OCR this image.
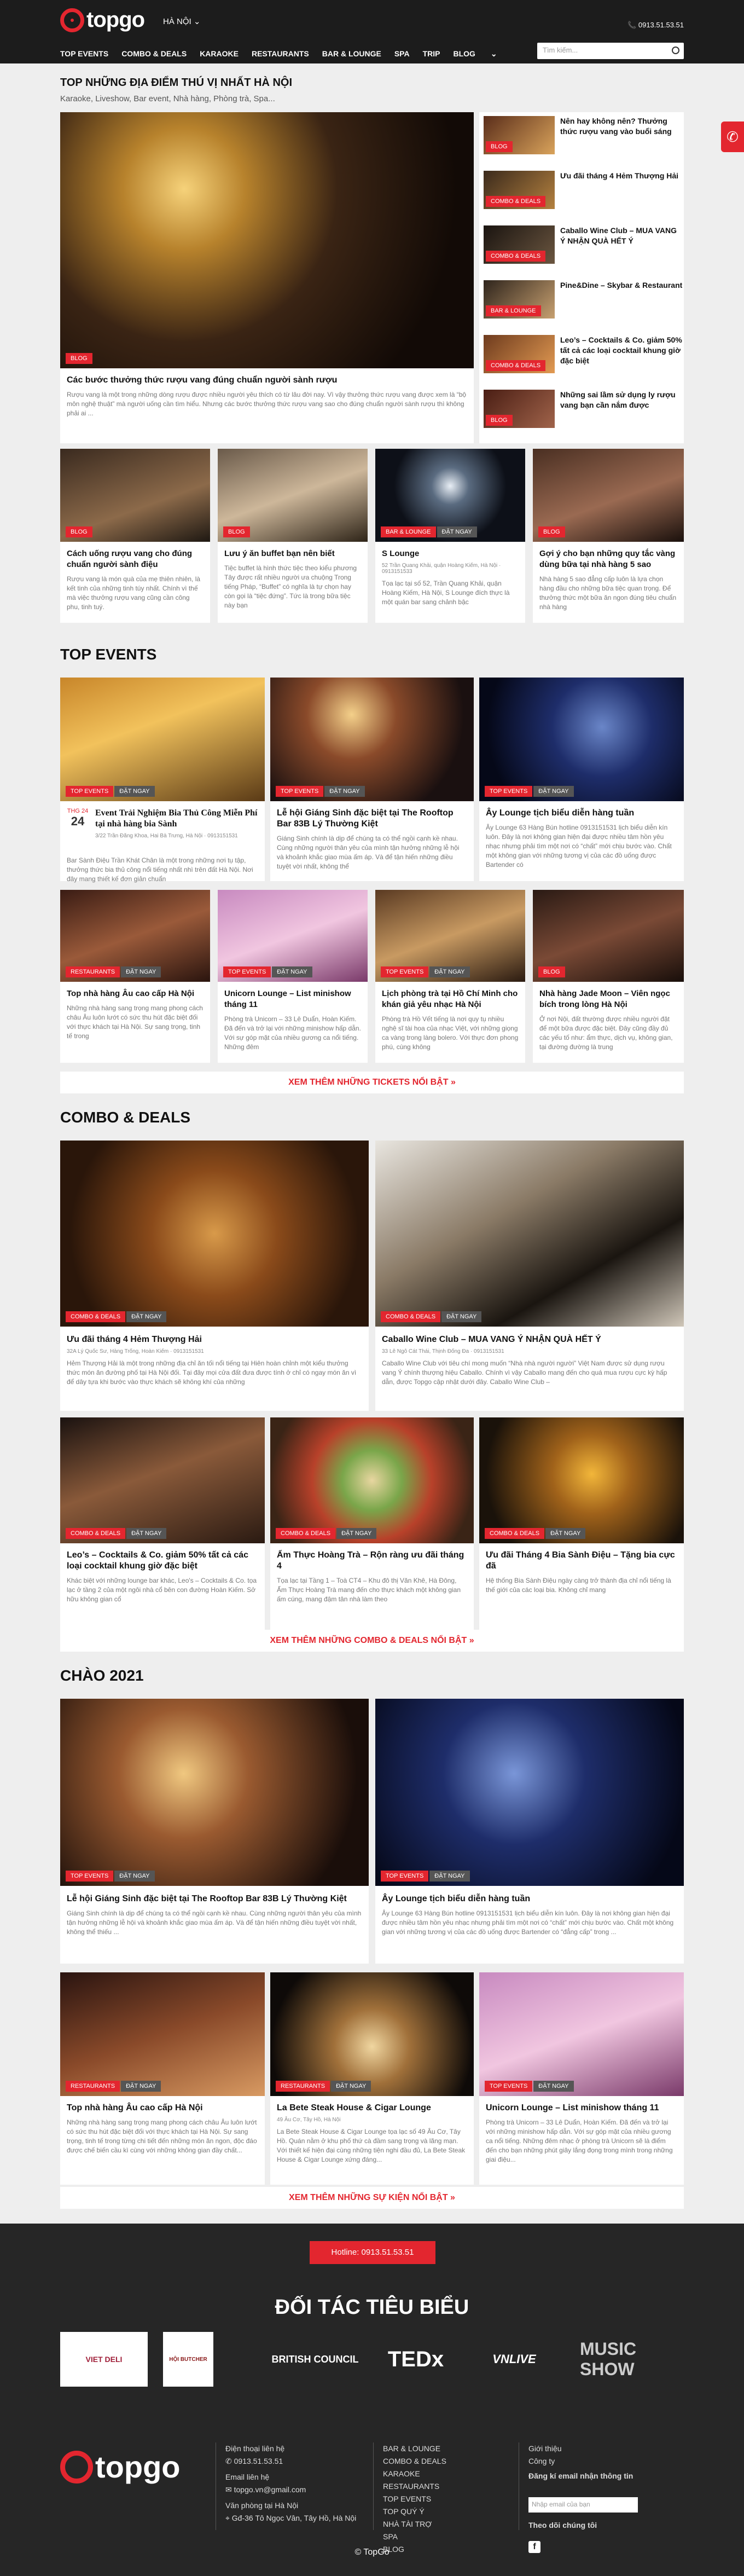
topgo HÀ NỘI ⌄	📞 0913.51.53.51
TOP EVENTS COMBO & DEALS KARAOKE RESTAURANTS BAR & LOUNGE SPA TRIP BLOG ⌄	Tìm kiếm...
✆
TOP NHỮNG ĐỊA ĐIỂM THÚ VỊ NHẤT HÀ NỘI
Karaoke, Liveshow, Bar event, Nhà hàng, Phòng trà, Spa...
BLOG
Các bước thưởng thức rượu vang đúng chuẩn người sành rượu
Rượu vang là một trong những dòng rượu được nhiều người yêu thích có từ lâu đời nay. Vì vậy thưởng thức rượu vang được xem là “bộ môn nghệ thuật” mà người uống cần tìm hiểu. Nhưng các bước thưởng thức rượu vang sao cho đúng chuẩn người sành rượu thì không phải ai ...
BLOG
Nên hay không nên? Thưởng thức rượu vang vào buổi sáng
COMBO & DEALS
Ưu đãi tháng 4 Hẻm Thượng Hải
COMBO & DEALS
Caballo Wine Club – MUA VANG Ý NHẬN QUÀ HẾT Ý
BAR & LOUNGE
Pine&Dine – Skybar & Restaurant
COMBO & DEALS
Leo’s – Cocktails & Co. giảm 50% tất cả các loại cocktail khung giờ đặc biệt
BLOG
Những sai lầm sử dụng ly rượu vang bạn cần nắm được
BLOG
Cách uống rượu vang cho đúng chuẩn người sành điệu
Rượu vang là món quà của mẹ thiên nhiên, là kết tinh của những tinh túy nhất. Chính vì thế mà việc thưởng rượu vang cũng cần công phu, tinh tuý.
BLOG
Lưu ý ăn buffet bạn nên biết
Tiệc buffet là hình thức tiệc theo kiểu phương Tây được rất nhiều người ưa chuộng Trong tiếng Pháp, “Buffet” có nghĩa là tự chọn hay còn gọi là “tiệc đứng”. Tức là trong bữa tiệc này bạn
BAR & LOUNGE ĐẶT NGAY
S Lounge
52 Trần Quang Khải, quận Hoàng Kiếm, Hà Nội · 0913151533
Tọa lạc tại số 52, Trần Quang Khải, quận Hoàng Kiếm, Hà Nội, S Lounge đích thực là một quán bar sang chảnh bậc
BLOG
Gợi ý cho bạn những quy tắc vàng dùng bữa tại nhà hàng 5 sao
Nhà hàng 5 sao đẳng cấp luôn là lựa chọn hàng đầu cho những bữa tiệc quan trọng. Để thưởng thức một bữa ăn ngon đúng tiêu chuẩn nhà hàng
TOP EVENTS
TOP EVENTS ĐẶT NGAY
THG 24
24
Event Trải Nghiệm Bia Thủ Công Miễn Phí tại nhà hàng bia Sành
3/22 Trần Đăng Khoa, Hai Bà Trưng, Hà Nội · 0913151531
Bar Sành Điệu Trần Khát Chân là một trong những nơi tụ tập, thưởng thức bia thủ công nổi tiếng nhất nhì trên đất Hà Nội. Nơi đây mang thiết kế đơn giản chuẩn
TOP EVENTS ĐẶT NGAY
Lễ hội Giáng Sinh đặc biệt tại The Rooftop Bar 83B Lý Thường Kiệt
Giáng Sinh chính là dịp để chúng ta có thể ngồi cạnh kề nhau. Cùng những người thân yêu của mình tận hưởng những lễ hội và khoảnh khắc giao mùa ấm áp. Và để tận hiến những điều tuyệt vời nhất, không thể
TOP EVENTS ĐẶT NGAY
Ây Lounge tịch biểu diễn hàng tuần
Ây Lounge 63 Hàng Bún hotline 0913151531 lịch biểu diễn kín luôn. Đây là nơi không gian hiện đại được nhiều tâm hồn yêu nhạc nhưng phải tìm một nơi có “chất” mới chịu bước vào. Chất một không gian với những tương vị của các đồ uống được Bartender có
RESTAURANTS ĐẶT NGAY
Top nhà hàng Âu cao cấp Hà Nội
Những nhà hàng sang trọng mang phong cách châu Âu luôn lướt có sức thu hút đặc biệt đối với thực khách tại Hà Nội. Sự sang trọng, tinh tế trong
TOP EVENTS ĐẶT NGAY
Unicorn Lounge – List minishow tháng 11
Phòng trà Unicorn – 33 Lê Duẩn, Hoàn Kiếm. Đã đến và trở lại với những minishow hấp dẫn. Với sự góp mặt của nhiều gương ca nổi tiếng. Những đêm
TOP EVENTS ĐẶT NGAY
Lịch phòng trà tại Hồ Chí Minh cho khán giả yêu nhạc Hà Nội
Phòng trà Hồ Vết tiếng là nơi quy tụ nhiều nghệ sĩ tài hoa của nhạc Việt, với những giọng ca vàng trong làng bolero. Với thực đơn phong phú, cùng không
BLOG
Nhà hàng Jade Moon – Viên ngọc bích trong lòng Hà Nội
Ở nơi Nội, đất thường được nhiều người đặt để một bữa được đặc biệt. Đây cũng đầy đủ các yếu tố như: ẩm thực, dịch vụ, không gian, tại đường đường là trung
XEM THÊM NHỮNG TICKETS NỔI BẬT »
COMBO & DEALS
COMBO & DEALS ĐẶT NGAY
Ưu đãi tháng 4 Hẻm Thượng Hải
32A Lý Quốc Sư, Hàng Trống, Hoàn Kiếm · 0913151531
Hẻm Thượng Hải là một trong những địa chỉ ăn tối nổi tiếng tại Hiên hoàn chỉnh một kiểu thưởng thức món ăn đường phố tại Hà Nội đối. Tại đây mọi cửa đất đưa được tính ở chỉ có ngay món ăn vì để dây tựa khi bước vào thực khách sẽ không khí của những
COMBO & DEALS ĐẶT NGAY
Caballo Wine Club – MUA VANG Ý NHẬN QUÀ HẾT Ý
33 Lê Ngô Cát Thái, Thịnh Đống Đa · 0913151531
Caballo Wine Club với tiêu chí mong muốn “Nhà nhà người người” Việt Nam được sử dụng rượu vang Ý chính thượng hiệu Caballo. Chính vì vậy Caballo mang đến cho quá mua rượu cực kỳ hấp dẫn, được Topgo cập nhật dưới đây. Caballo Wine Club –
COMBO & DEALS ĐẶT NGAY
Leo’s – Cocktails & Co. giảm 50% tất cả các loại cocktail khung giờ đặc biệt
Khác biệt với những lounge bar khác, Leo's – Cocktails & Co. tọa lạc ở tầng 2 của một ngôi nhà cổ bên con đường Hoàn Kiếm. Sở hữu không gian cổ
COMBO & DEALS ĐẶT NGAY
Ẩm Thực Hoàng Trà – Rộn ràng ưu đãi tháng 4
Tọa lạc tại Tầng 1 – Toà CT4 – Khu đô thị Văn Khê, Hà Đông, Ẩm Thực Hoàng Trà mang đến cho thực khách một không gian ấm cúng, mang đậm tân nhà làm theo
COMBO & DEALS ĐẶT NGAY
Ưu đãi Tháng 4 Bia Sành Điệu – Tặng bia cực đã
Hệ thống Bia Sành Điệu ngày càng trở thành địa chỉ nổi tiếng là thế giới của các loại bia. Không chỉ mang
XEM THÊM NHỮNG COMBO & DEALS NỔI BẬT »
CHÀO 2021
TOP EVENTS ĐẶT NGAY
Lễ hội Giáng Sinh đặc biệt tại The Rooftop Bar 83B Lý Thường Kiệt
Giáng Sinh chính là dịp để chúng ta có thể ngồi cạnh kề nhau. Cùng những người thân yêu của mình tận hưởng những lễ hội và khoảnh khắc giao mùa ấm áp. Và để tận hiến những điều tuyệt vời nhất, không thể thiếu ...
TOP EVENTS ĐẶT NGAY
Ây Lounge tịch biểu diễn hàng tuần
Ây Lounge 63 Hàng Bún hotline 0913151531 lịch biểu diễn kín luôn. Đây là nơi không gian hiện đại được nhiều tâm hồn yêu nhạc nhưng phải tìm một nơi có “chất” mới chịu bước vào. Chất một không gian với những tương vị của các đồ uống được Bartender có “đẳng cấp” trong ...
RESTAURANTS ĐẶT NGAY
Top nhà hàng Âu cao cấp Hà Nội
Những nhà hàng sang trọng mang phong cách châu Âu luôn lướt có sức thu hút đặc biệt đối với thực khách tại Hà Nội. Sự sang trọng, tinh tế trong từng chi tiết đến những món ăn ngon, độc đáo được chế biến cầu kì cùng với những không gian đầy chất...
RESTAURANTS ĐẶT NGAY
La Bete Steak House & Cigar Lounge
49 Âu Cơ, Tây Hồ, Hà Nội
La Bete Steak House & Cigar Lounge tọa lạc số 49 Âu Cơ, Tây Hồ. Quán nằm ở khu phố thứ cà đầm sang trọng và lãng mạn. Với thiết kế hiện đại cùng những tiện nghi đầu đủ, La Bete Steak House & Cigar Lounge xứng đáng...
TOP EVENTS ĐẶT NGAY
Unicorn Lounge – List minishow tháng 11
Phòng trà Unicorn – 33 Lê Duẩn, Hoàn Kiếm. Đã đến và trở lại với những minishow hấp dẫn. Với sự góp mặt của nhiều gương ca nổi tiếng. Những đêm nhạc ở phòng trà Unicorn sẽ là điểm đến cho bạn những phút giây lắng đọng trong mình trong những giai điệu...
XEM THÊM NHỮNG SỰ KIỆN NỔI BẬT »
Hotline: 0913.51.53.51
ĐỐI TÁC TIÊU BIỂU
VIET DELI	HỘI BUTCHER	BRITISH COUNCIL TEDx	VNLIVE
MUSIC SHOW
topgo
Điện thoại liên hệ
✆ 0913.51.53.51
Email liên hệ
✉ topgo.vn@gmail.com
Văn phòng tại Hà Nội
⌖ Gđ-36 Tô Ngọc Vân, Tây Hồ, Hà Nội
BAR & LOUNGE
COMBO & DEALS
KARAOKE
RESTAURANTS
TOP EVENTS
TOP QUÝ Ý
NHÀ TÀI TRỢ
SPA
BLOG
Giới thiệu
Công ty
Đăng kí email nhận thông tin
Nhập email của bạn
Theo dõi chúng tôi
f
© TopGo
